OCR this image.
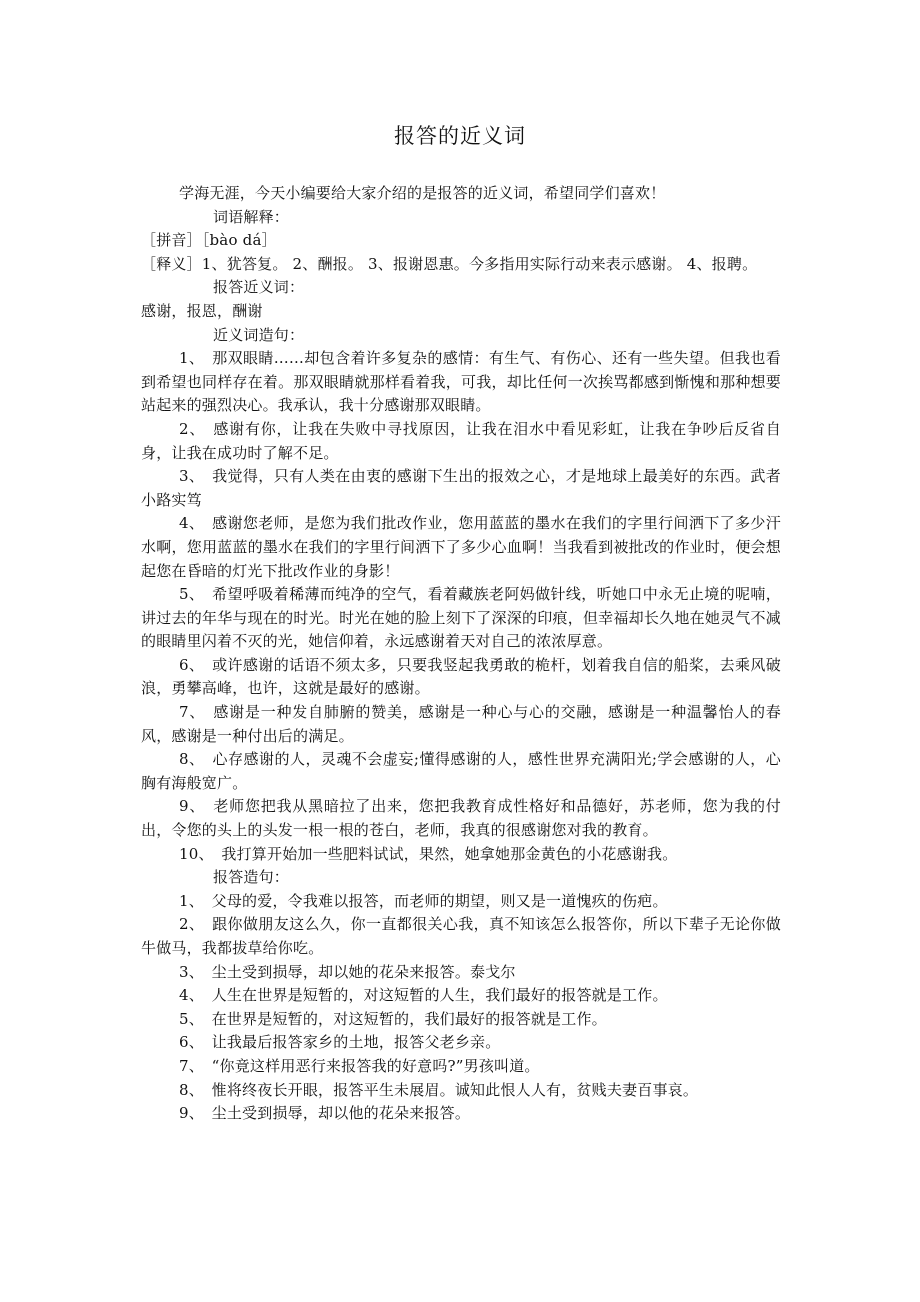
报答的近义词

学海无涯，今天小编要给大家介绍的是报答的近义词，希望同学们喜欢！

词语解释：

［拼音］［bào dá］

［释义］1、犹答复。 2、酬报。 3、报谢恩惠。今多指用实际行动来表示感谢。 4、报聘。

报答近义词：

感谢，报恩，酬谢

近义词造句：

1、　那双眼睛……却包含着许多复杂的感情：有生气、有伤心、还有一些失望。但我也看到希望也同样存在着。那双眼睛就那样看着我，可我，却比任何一次挨骂都感到惭愧和那种想要站起来的强烈决心。我承认，我十分感谢那双眼睛。

2、　感谢有你，让我在失败中寻找原因，让我在泪水中看见彩虹，让我在争吵后反省自身，让我在成功时了解不足。

3、　我觉得，只有人类在由衷的感谢下生出的报效之心，才是地球上最美好的东西。武者小路实笃

4、　感谢您老师，是您为我们批改作业，您用蓝蓝的墨水在我们的字里行间洒下了多少汗水啊，您用蓝蓝的墨水在我们的字里行间洒下了多少心血啊！当我看到被批改的作业时，便会想起您在昏暗的灯光下批改作业的身影！

5、　希望呼吸着稀薄而纯净的空气，看着藏族老阿妈做针线，听她口中永无止境的呢喃，讲过去的年华与现在的时光。时光在她的脸上刻下了深深的印痕，但幸福却长久地在她灵气不减的眼睛里闪着不灭的光，她信仰着，永远感谢着天对自己的浓浓厚意。

6、　或许感谢的话语不须太多，只要我竖起我勇敢的桅杆，划着我自信的船桨，去乘风破浪，勇攀高峰，也许，这就是最好的感谢。

7、　感谢是一种发自肺腑的赞美，感谢是一种心与心的交融，感谢是一种温馨怡人的春风，感谢是一种付出后的满足。

8、　心存感谢的人，灵魂不会虚妄;懂得感谢的人，感性世界充满阳光;学会感谢的人，心胸有海般宽广。

9、　老师您把我从黑暗拉了出来，您把我教育成性格好和品德好，苏老师，您为我的付出，令您的头上的头发一根一根的苍白，老师，我真的很感谢您对我的教育。

10、　我打算开始加一些肥料试试，果然，她拿她那金黄色的小花感谢我。

报答造句：

1、　父母的爱，令我难以报答，而老师的期望，则又是一道愧疚的伤疤。

2、　跟你做朋友这么久，你一直都很关心我，真不知该怎么报答你，所以下辈子无论你做牛做马，我都拔草给你吃。

3、　尘土受到损辱，却以她的花朵来报答。泰戈尔

4、　人生在世界是短暂的，对这短暂的人生，我们最好的报答就是工作。

5、　在世界是短暂的，对这短暂的，我们最好的报答就是工作。

6、　让我最后报答家乡的土地，报答父老乡亲。

7、　“你竟这样用恶行来报答我的好意吗?”男孩叫道。

8、　惟将终夜长开眼，报答平生未展眉。诚知此恨人人有，贫贱夫妻百事哀。

9、　尘土受到损辱，却以他的花朵来报答。
